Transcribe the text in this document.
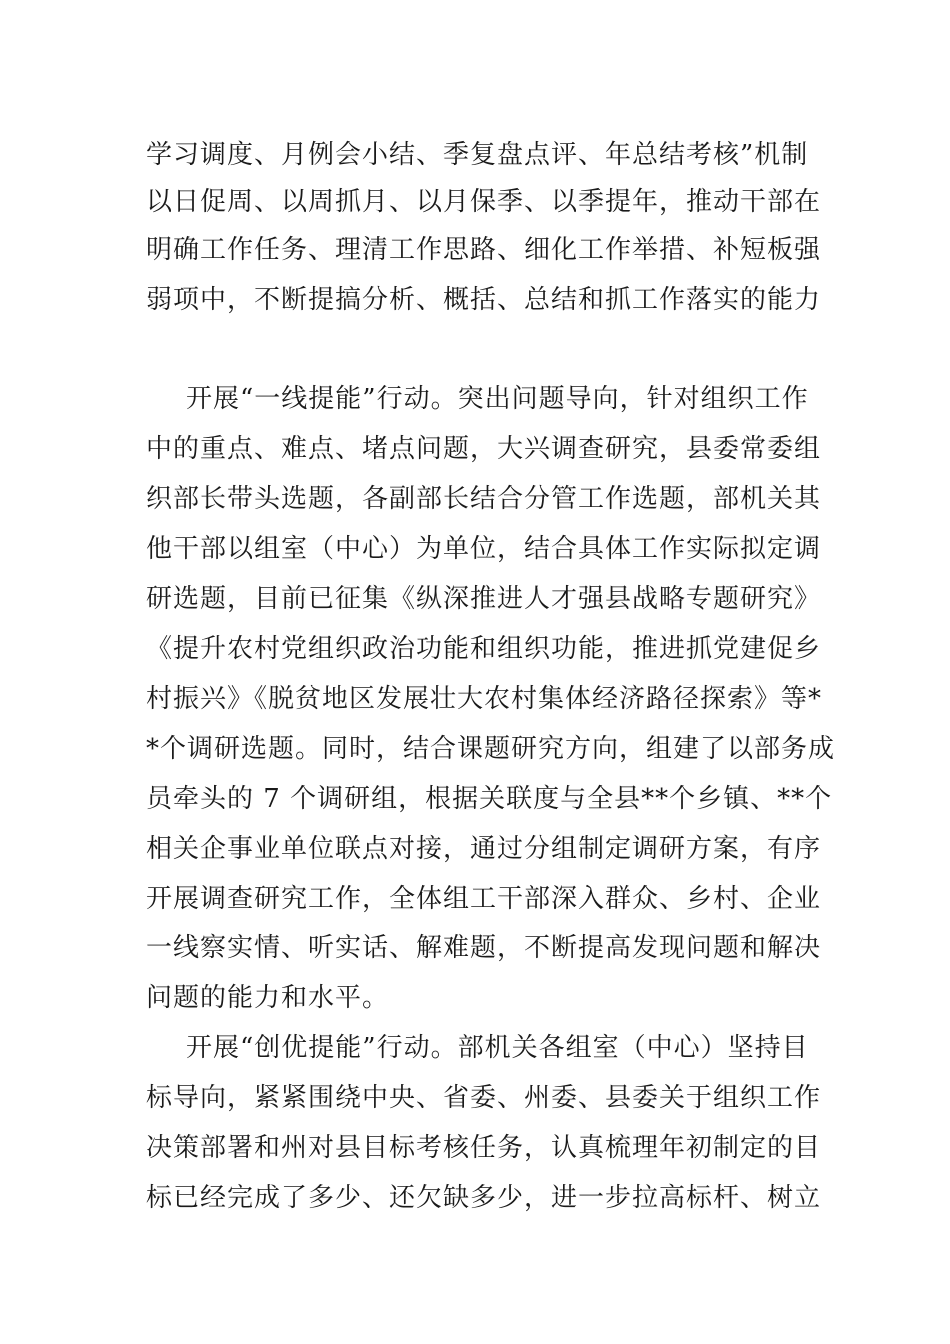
学习调度、月例会小结、季复盘点评、年总结考核”机制

以日促周、以周抓月、以月保季、以季提年，推动干部在

明确工作任务、理清工作思路、细化工作举措、补短板强

弱项中，不断提搞分析、概括、总结和抓工作落实的能力

开展“一线提能”行动。突出问题导向，针对组织工作

中的重点、难点、堵点问题，大兴调查研究，县委常委组

织部长带头选题，各副部长结合分管工作选题，部机关其

他干部以组室（中心）为单位，结合具体工作实际拟定调

研选题，目前已征集《纵深推进人才强县战略专题研究》

《提升农村党组织政治功能和组织功能，推进抓党建促乡

村振兴》《脱贫地区发展壮大农村集体经济路径探索》等*

*个调研选题。同时，结合课题研究方向，组建了以部务成

员牵头的 7 个调研组，根据关联度与全县**个乡镇、**个

相关企事业单位联点对接，通过分组制定调研方案，有序

开展调查研究工作，全体组工干部深入群众、乡村、企业

一线察实情、听实话、解难题，不断提高发现问题和解决

问题的能力和水平。

开展“创优提能”行动。部机关各组室（中心）坚持目

标导向，紧紧围绕中央、省委、州委、县委关于组织工作

决策部署和州对县目标考核任务，认真梳理年初制定的目

标已经完成了多少、还欠缺多少，进一步拉高标杆、树立
